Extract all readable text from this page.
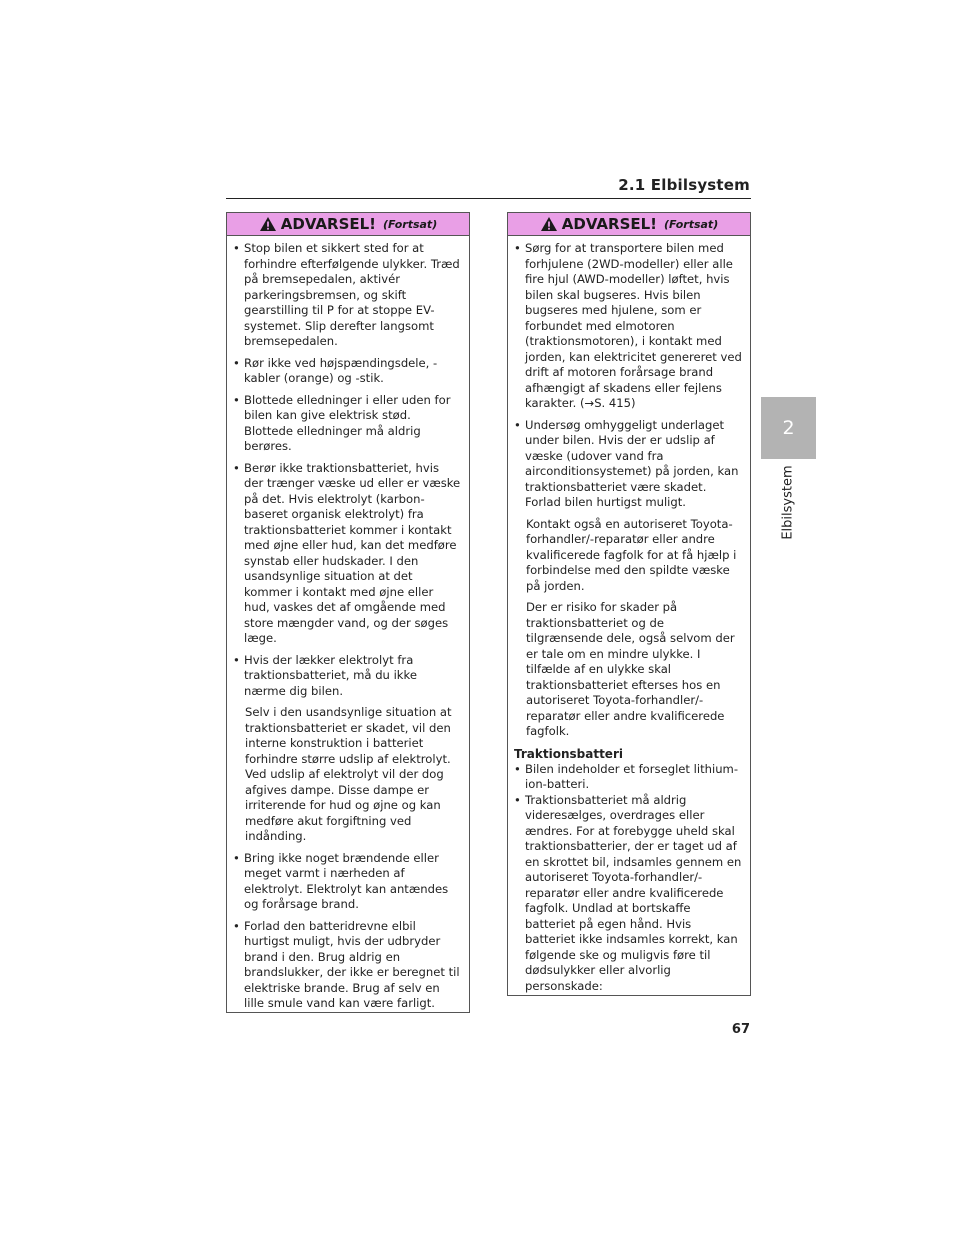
2.1 Elbilsystem
2
Elbilsystem
ADVARSEL! (Fortsat)
• Stop bilen et sikkert sted for at forhindre efterfølgende ulykker. Træd på bremsepedalen, aktivér parkeringsbremsen, og skift gearstilling til P for at stoppe EV-systemet. Slip derefter langsomt bremsepedalen.
• Rør ikke ved højspændingsdele, -kabler (orange) og -stik.
• Blottede elledninger i eller uden for bilen kan give elektrisk stød. Blottede elledninger må aldrig berøres.
• Berør ikke traktionsbatteriet, hvis der trænger væske ud eller er væske på det. Hvis elektrolyt (karbon-baseret organisk elektrolyt) fra traktionsbatteriet kommer i kontakt med øjne eller hud, kan det medføre synstab eller hudskader. I den usandsynlige situation at det kommer i kontakt med øjne eller hud, vaskes det af omgående med store mængder vand, og der søges læge.
• Hvis der lækker elektrolyt fra traktionsbatteriet, må du ikke nærme dig bilen.
Selv i den usandsynlige situation at traktionsbatteriet er skadet, vil den interne konstruktion i batteriet forhindre større udslip af elektrolyt. Ved udslip af elektrolyt vil der dog afgives dampe. Disse dampe er irriterende for hud og øjne og kan medføre akut forgiftning ved indånding.
• Bring ikke noget brændende eller meget varmt i nærheden af elektrolyt. Elektrolyt kan antændes og forårsage brand.
• Forlad den batteridrevne elbil hurtigst muligt, hvis der udbryder brand i den. Brug aldrig en brandslukker, der ikke er beregnet til elektriske brande. Brug af selv en lille smule vand kan være farligt.
ADVARSEL! (Fortsat)
• Sørg for at transportere bilen med forhjulene (2WD-modeller) eller alle fire hjul (AWD-modeller) løftet, hvis bilen skal bugseres. Hvis bilen bugseres med hjulene, som er forbundet med elmotoren (traktionsmotoren), i kontakt med jorden, kan elektricitet genereret ved drift af motoren forårsage brand afhængigt af skadens eller fejlens karakter. (→S. 415)
• Undersøg omhyggeligt underlaget under bilen. Hvis der er udslip af væske (udover vand fra airconditionsystemet) på jorden, kan traktionsbatteriet være skadet. Forlad bilen hurtigst muligt.
Kontakt også en autoriseret Toyota-forhandler/-reparatør eller andre kvalificerede fagfolk for at få hjælp i forbindelse med den spildte væske på jorden.
Der er risiko for skader på traktionsbatteriet og de tilgrænsende dele, også selvom der er tale om en mindre ulykke. I tilfælde af en ulykke skal traktionsbatteriet efterses hos en autoriseret Toyota-forhandler/-reparatør eller andre kvalificerede fagfolk.
Traktionsbatteri
• Bilen indeholder et forseglet lithium-ion-batteri.
• Traktionsbatteriet må aldrig videresælges, overdrages eller ændres. For at forebygge uheld skal traktionsbatterier, der er taget ud af en skrottet bil, indsamles gennem en autoriseret Toyota-forhandler/-reparatør eller andre kvalificerede fagfolk. Undlad at bortskaffe batteriet på egen hånd. Hvis batteriet ikke indsamles korrekt, kan følgende ske og muligvis føre til dødsulykker eller alvorlig personskade:
67
